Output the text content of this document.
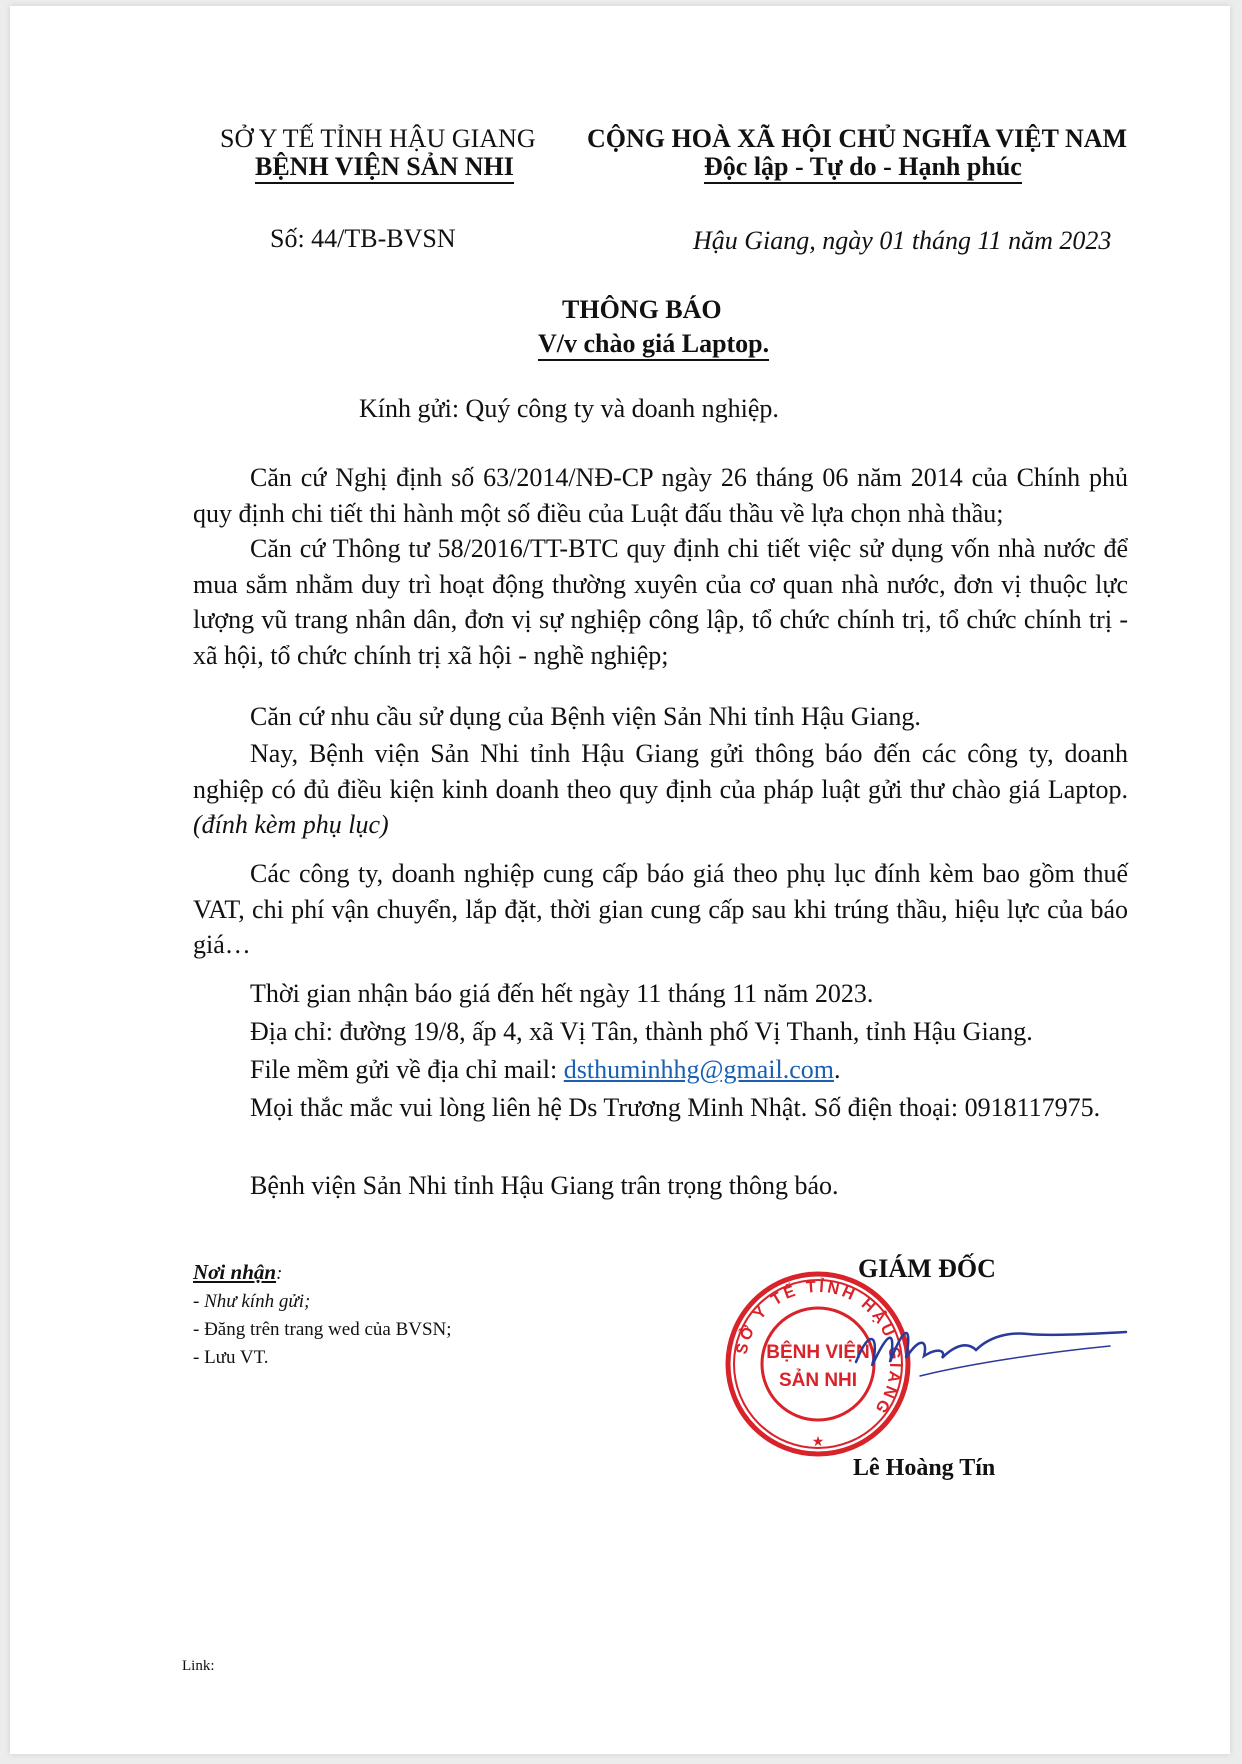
SỞ Y TẾ TỈNH HẬU GIANG
BỆNH VIỆN SẢN NHI
CỘNG HOÀ XÃ HỘI CHỦ NGHĨA VIỆT NAM
Độc lập - Tự do - Hạnh phúc
Số: 44/TB-BVSN	Hậu Giang, ngày 01 tháng 11 năm 2023
THÔNG BÁO
V/v chào giá Laptop.
Kính gửi: Quý công ty và doanh nghiệp.
Căn cứ Nghị định số 63/2014/NĐ-CP ngày 26 tháng 06 năm 2014 của Chính phủ quy định chi tiết thi hành một số điều của Luật đấu thầu về lựa chọn nhà thầu;
Căn cứ Thông tư 58/2016/TT-BTC quy định chi tiết việc sử dụng vốn nhà nước để mua sắm nhằm duy trì hoạt động thường xuyên của cơ quan nhà nước, đơn vị thuộc lực lượng vũ trang nhân dân, đơn vị sự nghiệp công lập, tổ chức chính trị, tổ chức chính trị - xã hội, tổ chức chính trị xã hội - nghề nghiệp;
Căn cứ nhu cầu sử dụng của Bệnh viện Sản Nhi tỉnh Hậu Giang.
Nay, Bệnh viện Sản Nhi tỉnh Hậu Giang gửi thông báo đến các công ty, doanh nghiệp có đủ điều kiện kinh doanh theo quy định của pháp luật gửi thư chào giá Laptop.(đính kèm phụ lục)
Các công ty, doanh nghiệp cung cấp báo giá theo phụ lục đính kèm bao gồm thuế VAT, chi phí vận chuyển, lắp đặt, thời gian cung cấp sau khi trúng thầu, hiệu lực của báo giá…
Thời gian nhận báo giá đến hết ngày 11 tháng 11 năm 2023.
Địa chỉ: đường 19/8, ấp 4, xã Vị Tân, thành phố Vị Thanh, tỉnh Hậu Giang.
File mềm gửi về địa chỉ mail: dsthuminhhg@gmail.com.
Mọi thắc mắc vui lòng liên hệ Ds Trương Minh Nhật. Số điện thoại: 0918117975.
Bệnh viện Sản Nhi tỉnh Hậu Giang trân trọng thông báo.
Nơi nhận:
- Như kính gửi;
- Đăng trên trang wed của BVSN;
- Lưu VT.
GIÁM ĐỐC
SỞ Y TẾ TỈNH HẬU GIANG
BỆNH VIỆN
SẢN NHI
★
Lê Hoàng Tín
Link:
